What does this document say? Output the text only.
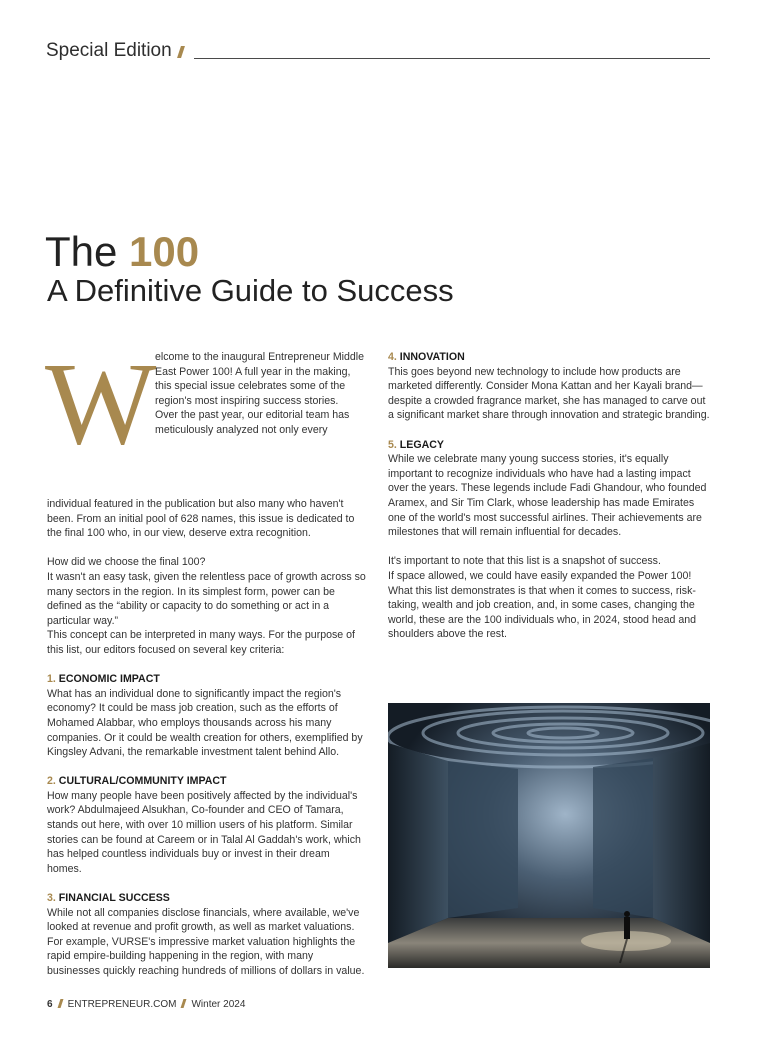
Special Edition
The 100
A Definitive Guide to Success
W

elcome to the inaugural Entrepreneur Middle East Power 100! A full year in the making, this special issue celebrates some of the region's most inspiring success stories.

Over the past year, our editorial team has meticulously analyzed not only every

individual featured in the publication but also many who haven't been. From an initial pool of 628 names, this issue is dedicated to the final 100 who, in our view, deserve extra recognition.

How did we choose the final 100?

It wasn't an easy task, given the relentless pace of growth across so many sectors in the region. In its simplest form, power can be defined as the “ability or capacity to do something or act in a particular way.”

This concept can be interpreted in many ways. For the purpose of this list, our editors focused on several key criteria:

1. ECONOMIC IMPACT

What has an individual done to significantly impact the region's economy? It could be mass job creation, such as the efforts of Mohamed Alabbar, who employs thousands across his many companies. Or it could be wealth creation for others, exemplified by Kingsley Advani, the remarkable investment talent behind Allo.

2. CULTURAL/COMMUNITY IMPACT

How many people have been positively affected by the individual's work? Abdulmajeed Alsukhan, Co-founder and CEO of Tamara, stands out here, with over 10 million users of his platform. Similar stories can be found at Careem or in Talal Al Gaddah's work, which has helped countless individuals buy or invest in their dream homes.

3. FINANCIAL SUCCESS

While not all companies disclose financials, where available, we've looked at revenue and profit growth, as well as market valuations. For example, VURSE's impressive market valuation highlights the rapid empire-building happening in the region, with many businesses quickly reaching hundreds of millions of dollars in value.

4. INNOVATION

This goes beyond new technology to include how products are marketed differently. Consider Mona Kattan and her Kayali brand—despite a crowded fragrance market, she has managed to carve out a significant market share through innovation and strategic branding.

5. LEGACY

While we celebrate many young success stories, it's equally important to recognize individuals who have had a lasting impact over the years. These legends include Fadi Ghandour, who founded Aramex, and Sir Tim Clark, whose leadership has made Emirates one of the world's most successful airlines. Their achievements are milestones that will remain influential for decades.

It's important to note that this list is a snapshot of success.

If space allowed, we could have easily expanded the Power 100! What this list demonstrates is that when it comes to success, risk-taking, wealth and job creation, and, in some cases, changing the world, these are the 100 individuals who, in 2024, stood head and shoulders above the rest.

6 ENTREPRENEUR.COM Winter 2024
